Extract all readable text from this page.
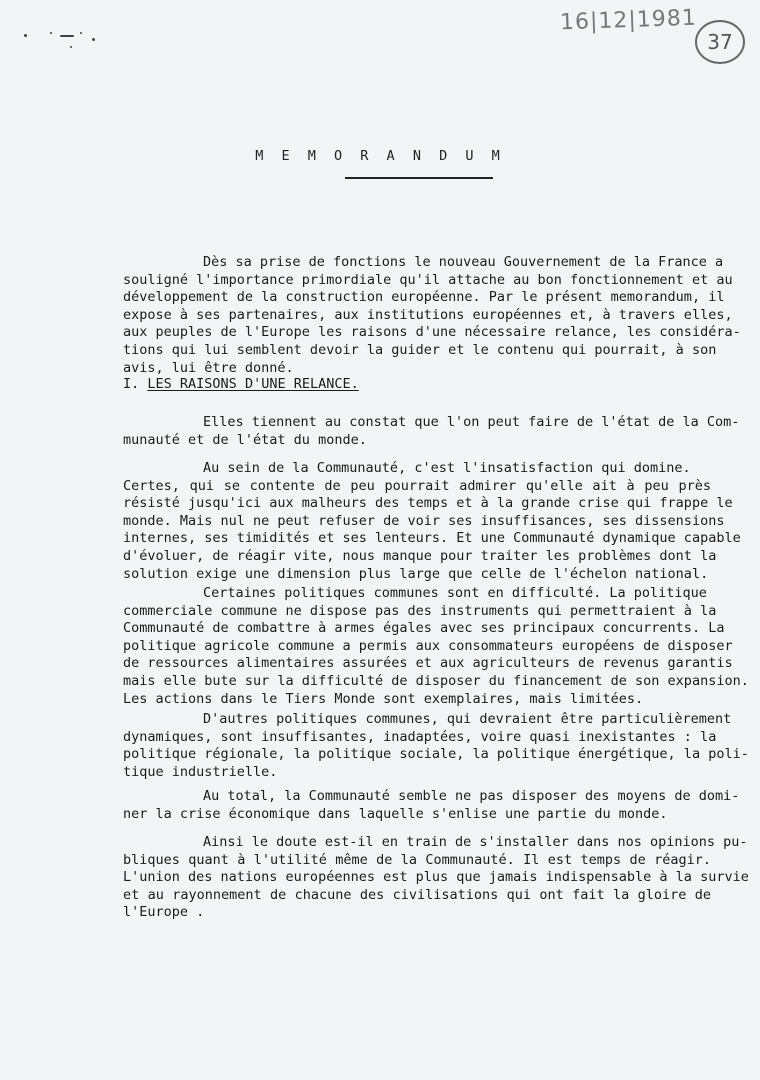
16|12|1981
37
M E M O R A N D U M
Dès sa prise de fonctions le nouveau Gouvernement de la France a
souligné l'importance primordiale qu'il attache au bon fonctionnement et au
développement de la construction européenne. Par le présent memorandum, il
expose à ses partenaires, aux institutions européennes et, à travers elles,
aux peuples de l'Europe les raisons d'une nécessaire relance, les considéra-
tions qui lui semblent devoir la guider et le contenu qui pourrait, à son
avis, lui être donné.
I. LES RAISONS D'UNE RELANCE.
Elles tiennent au constat que l'on peut faire de l'état de la Com-
munauté et de l'état du monde.
Au sein de la Communauté, c'est l'insatisfaction qui domine.
Certes, qui se contente de peu pourrait admirer qu'elle ait à peu près
résisté jusqu'ici aux malheurs des temps et à la grande crise qui frappe le
monde. Mais nul ne peut refuser de voir ses insuffisances, ses dissensions
internes, ses timidités et ses lenteurs. Et une Communauté dynamique capable
d'évoluer, de réagir vite, nous manque pour traiter les problèmes dont la
solution exige une dimension plus large que celle de l'échelon national.
Certaines politiques communes sont en difficulté. La politique
commerciale commune ne dispose pas des instruments qui permettraient à la
Communauté de combattre à armes égales avec ses principaux concurrents. La
politique agricole commune a permis aux consommateurs européens de disposer
de ressources alimentaires assurées et aux agriculteurs de revenus garantis
mais elle bute sur la difficulté de disposer du financement de son expansion.
Les actions dans le Tiers Monde sont exemplaires, mais limitées.
D'autres politiques communes, qui devraient être particulièrement
dynamiques, sont insuffisantes, inadaptées, voire quasi inexistantes : la
politique régionale, la politique sociale, la politique énergétique, la poli-
tique industrielle.
Au total, la Communauté semble ne pas disposer des moyens de domi-
ner la crise économique dans laquelle s'enlise une partie du monde.
Ainsi le doute est-il en train de s'installer dans nos opinions pu-
bliques quant à l'utilité même de la Communauté. Il est temps de réagir.
L'union des nations européennes est plus que jamais indispensable à la survie
et au rayonnement de chacune des civilisations qui ont fait la gloire de
l'Europe .
